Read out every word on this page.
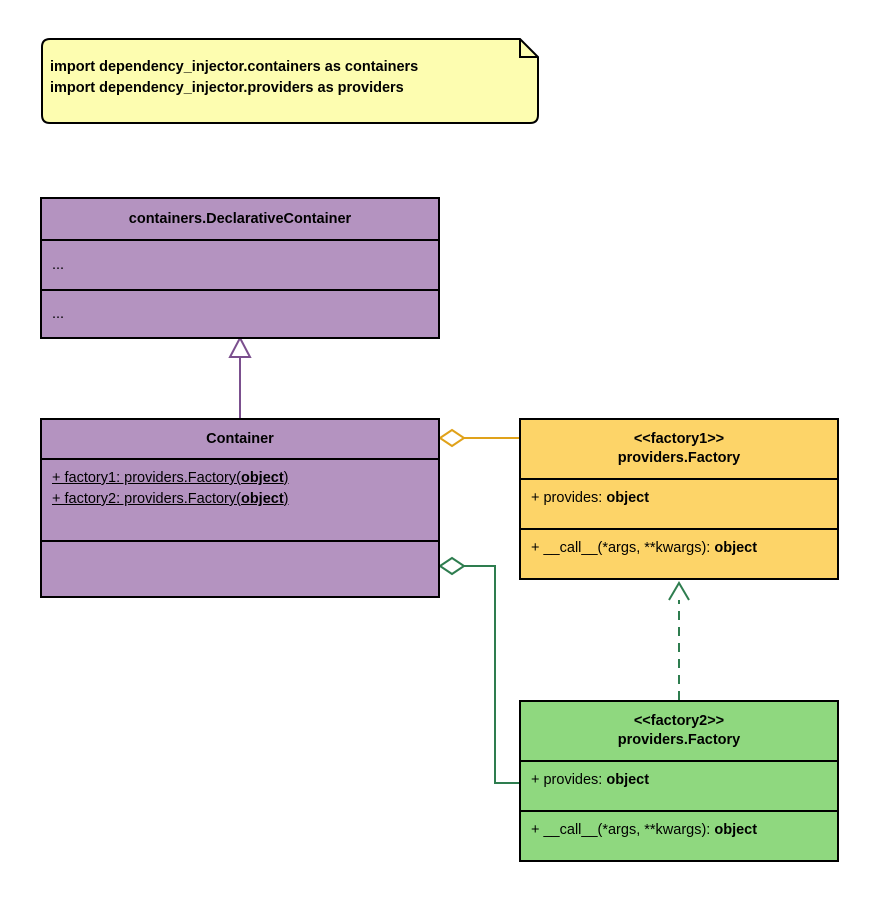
import dependency_injector.containers as containers
import dependency_injector.providers as providers
containers.DeclarativeContainer
...
...
Container
+ factory1: providers.Factory(object)
+ factory2: providers.Factory(object)
<<factory1>>
providers.Factory
+ provides: object
+ __call__(*args, **kwargs): object
<<factory2>>
providers.Factory
+ provides: object
+ __call__(*args, **kwargs): object
